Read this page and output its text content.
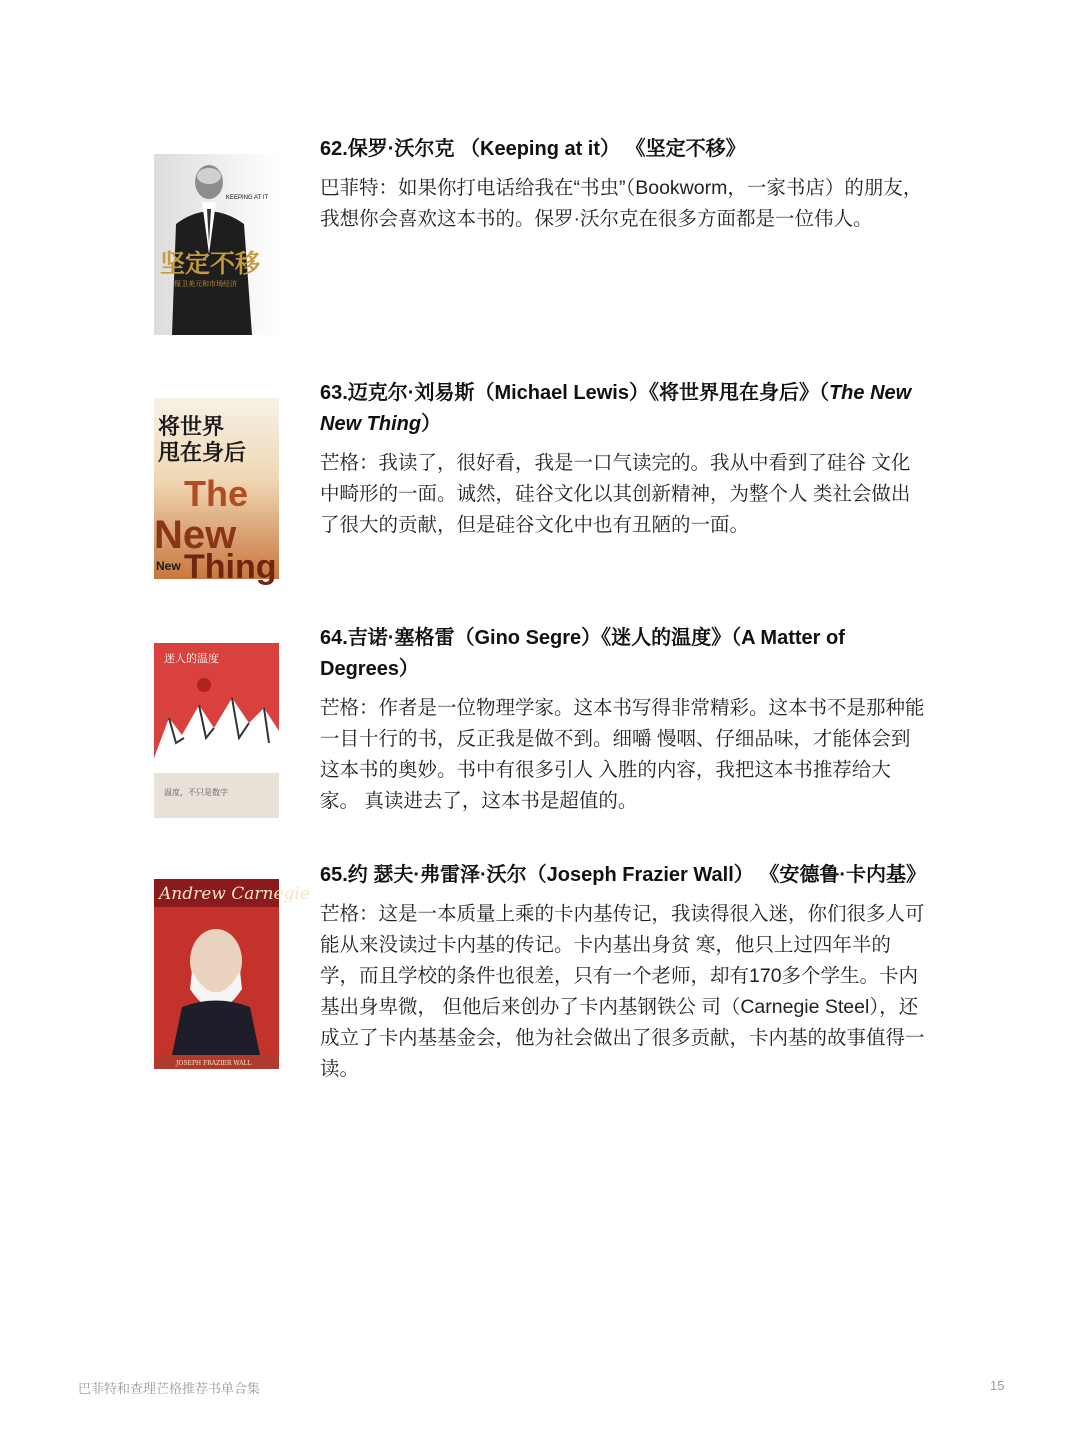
KEEPING AT IT
坚定不移
保卫美元和市场经济

62.保罗·沃尔克 （Keeping at it） 《坚定不移》

巴菲特：如果你打电话给我在“书虫”（Bookworm，一家书店）的朋友，我想你会喜欢这本书的。保罗·沃尔克在很多方面都是一位伟人。

将世界
甩在身后
The
New
New Thing

63.迈克尔·刘易斯（Michael Lewis）《将世界甩在身后》（The New New Thing）

芒格：我读了，很好看，我是一口气读完的。我从中看到了硅谷 文化中畸形的一面。诚然，硅谷文化以其创新精神，为整个人 类社会做出了很大的贡献，但是硅谷文化中也有丑陋的一面。

迷人的温度
温度，不只是数字

64.吉诺·塞格雷（Gino Segre）《迷人的温度》（A Matter of Degrees）

芒格：作者是一位物理学家。这本书写得非常精彩。这本书不是那种能一目十行的书，反正我是做不到。细嚼 慢咽、仔细品味，才能体会到这本书的奥妙。书中有很多引人 入胜的内容，我把这本书推荐给大家。 真读进去了，这本书是超值的。

Andrew Carnegie
JOSEPH FRAZIER WALL

65.约 瑟夫·弗雷泽·沃尔（Joseph Frazier Wall） 《安德鲁·卡内基》

芒格：这是一本质量上乘的卡内基传记，我读得很入迷，你们很多人可能从来没读过卡内基的传记。卡内基出身贫 寒，他只上过四年半的学，而且学校的条件也很差，只有一个老师，却有170多个学生。卡内基出身卑微， 但他后来创办了卡内基钢铁公 司（Carnegie Steel），还成立了卡内基基金会，他为社会做出了很多贡献，卡内基的故事值得一读。

巴菲特和查理芒格推荐书单合集	15
